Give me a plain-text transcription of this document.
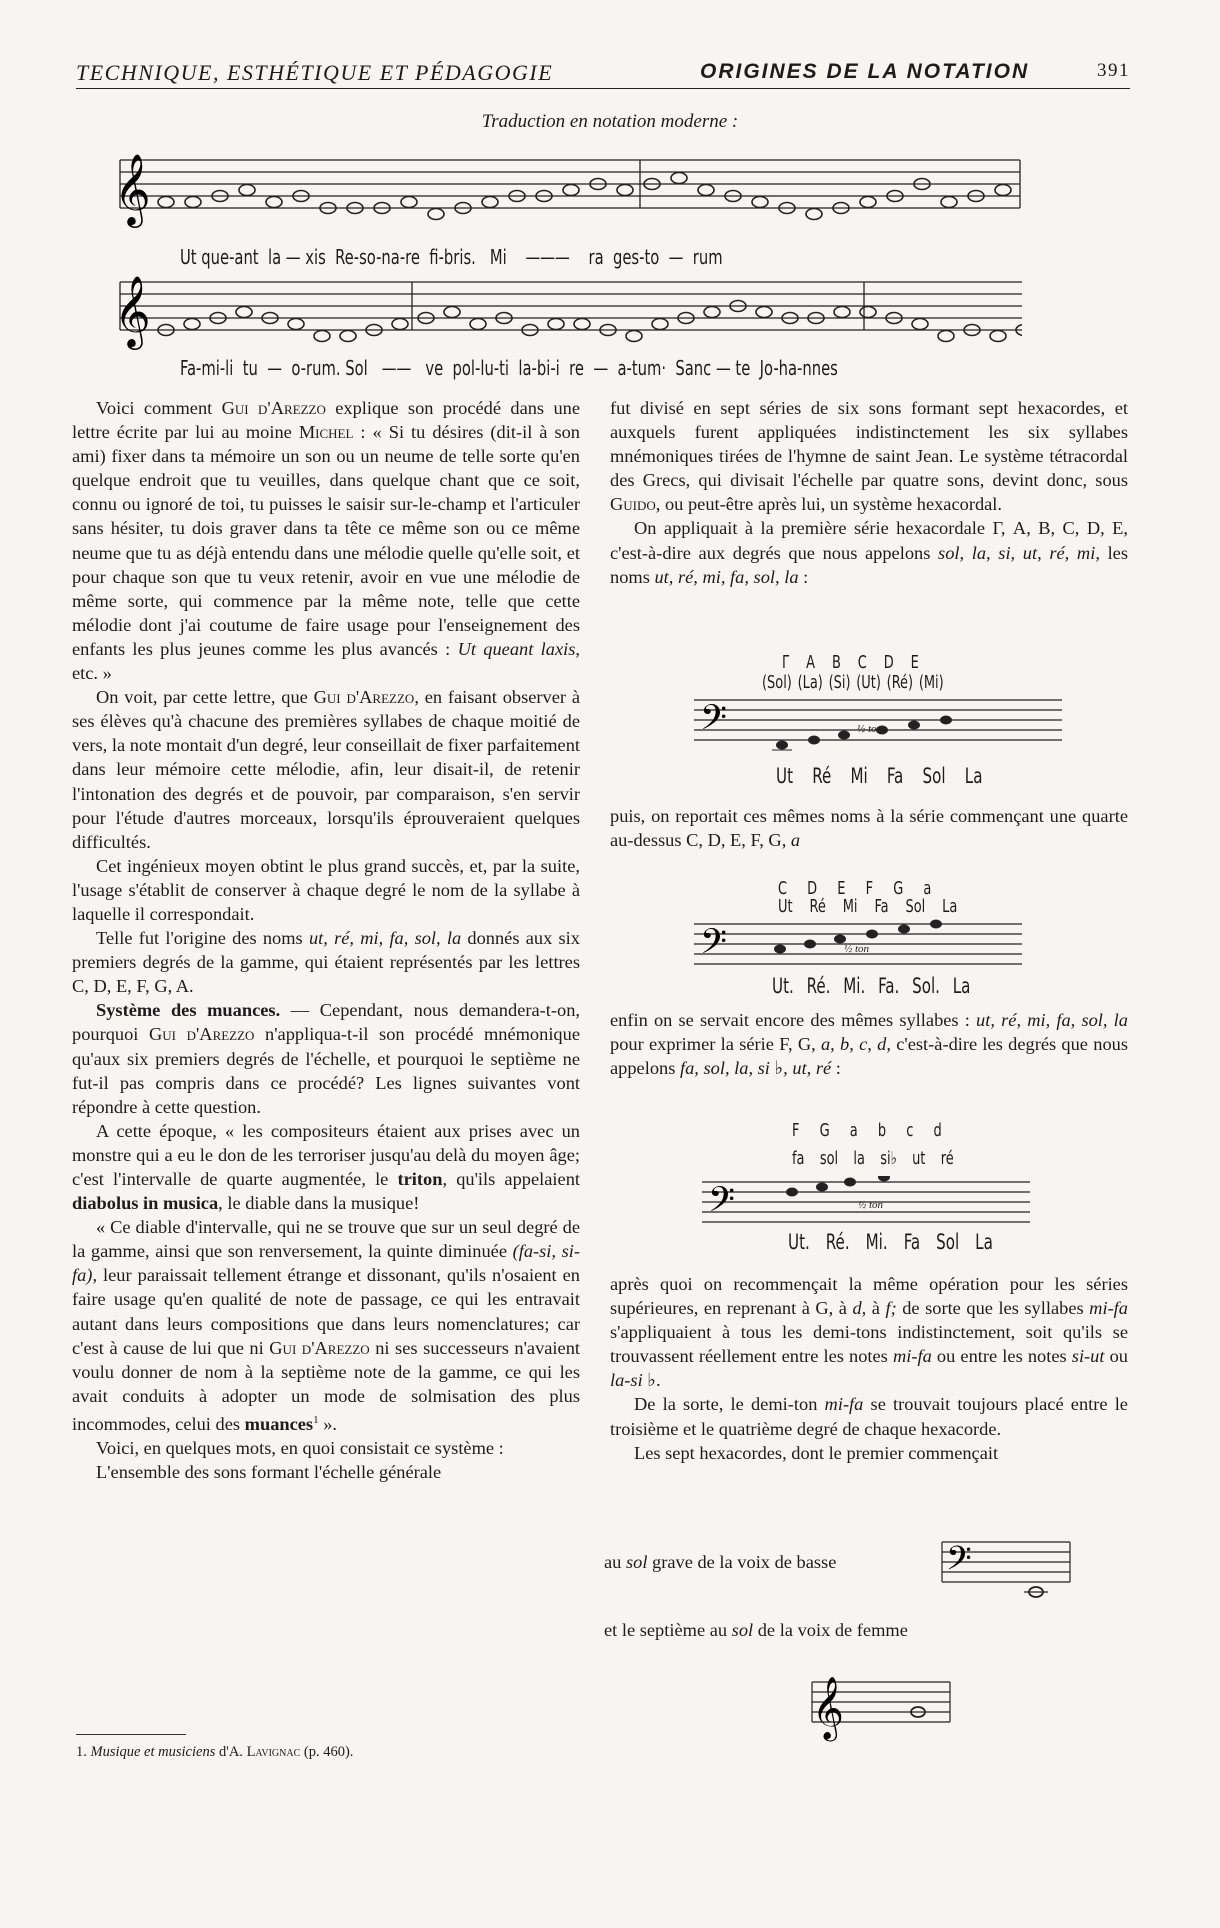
TECHNIQUE, ESTHÉTIQUE ET PÉDAGOGIE	ORIGINES DE LA NOTATION	391
Traduction en notation moderne :
𝄞
Ut que-ant la — xis Re-so-na-re fi-bris. Mi ——— ra ges-to — rum
𝄞
Fa-mi-li tu — o-rum. Sol —— ve pol-lu-ti la-bi-i re — a-tum· Sanc — te Jo-ha-nnes

Voici comment Gui d'Arezzo explique son procédé dans une lettre écrite par lui au moine Michel : « Si tu désires (dit-il à son ami) fixer dans ta mémoire un son ou un neume de telle sorte qu'en quelque endroit que tu veuilles, dans quelque chant que ce soit, connu ou ignoré de toi, tu puisses le saisir sur-le-champ et l'articuler sans hésiter, tu dois graver dans ta tête ce même son ou ce même neume que tu as déjà entendu dans une mélodie quelle qu'elle soit, et pour chaque son que tu veux retenir, avoir en vue une mélodie de même sorte, qui commence par la même note, telle que cette mélodie dont j'ai coutume de faire usage pour l'enseignement des enfants les plus jeunes comme les plus avancés : Ut queant laxis, etc. »

On voit, par cette lettre, que Gui d'Arezzo, en faisant observer à ses élèves qu'à chacune des premières syllabes de chaque moitié de vers, la note montait d'un degré, leur conseillait de fixer parfaitement dans leur mémoire cette mélodie, afin, leur disait-il, de retenir l'intonation des degrés et de pouvoir, par comparaison, s'en servir pour l'étude d'autres morceaux, lorsqu'ils éprouveraient quelques difficultés.

Cet ingénieux moyen obtint le plus grand succès, et, par la suite, l'usage s'établit de conserver à chaque degré le nom de la syllabe à laquelle il correspondait.

Telle fut l'origine des noms ut, ré, mi, fa, sol, la donnés aux six premiers degrés de la gamme, qui étaient représentés par les lettres C, D, E, F, G, A.

Système des muances. — Cependant, nous demandera-t-on, pourquoi Gui d'Arezzo n'appliqua-t-il son procédé mnémonique qu'aux six premiers degrés de l'échelle, et pourquoi le septième ne fut-il pas compris dans ce procédé? Les lignes suivantes vont répondre à cette question.

A cette époque, « les compositeurs étaient aux prises avec un monstre qui a eu le don de les terroriser jusqu'au delà du moyen âge; c'est l'intervalle de quarte augmentée, le triton, qu'ils appelaient diabolus in musica, le diable dans la musique!

« Ce diable d'intervalle, qui ne se trouve que sur un seul degré de la gamme, ainsi que son renversement, la quinte diminuée (fa-si, si-fa), leur paraissait tellement étrange et dissonant, qu'ils n'osaient en faire usage qu'en qualité de note de passage, ce qui les entravait autant dans leurs compositions que dans leurs nomenclatures; car c'est à cause de lui que ni Gui d'Arezzo ni ses successeurs n'avaient voulu donner de nom à la septième note de la gamme, ce qui les avait conduits à adopter un mode de solmisation des plus incommodes, celui des muances$^1$ ».

Voici, en quelques mots, en quoi consistait ce système :

L'ensemble des sons formant l'échelle générale

fut divisé en sept séries de six sons formant sept hexacordes, et auxquels furent appliquées indistinctement les six syllabes mnémoniques tirées de l'hymne de saint Jean. Le système tétracordal des Grecs, qui divisait l'échelle par quatre sons, devint donc, sous Guido, ou peut-être après lui, un système hexacordal.

On appliquait à la première série hexacordale Γ, A, B, C, D, E, c'est-à-dire aux degrés que nous appelons sol, la, si, ut, ré, mi, les noms ut, ré, mi, fa, sol, la :

Γ A B C D E
(Sol) (La) (Si) (Ut) (Ré) (Mi)
𝄢	½ ton
Ut Ré Mi Fa Sol La

puis, on reportait ces mêmes noms à la série commençant une quarte au-dessus C, D, E, F, G, a

C D E F G a
Ut Ré Mi Fa Sol La
𝄢	½ ton
Ut. Ré. Mi. Fa. Sol. La

enfin on se servait encore des mêmes syllabes : ut, ré, mi, fa, sol, la pour exprimer la série F, G, a, b, c, d, c'est-à-dire les degrés que nous appelons fa, sol, la, si ♭, ut, ré :

F G a b c d
fa sol la si♭ ut ré
𝄢	½ ton
Ut. Ré. Mi. Fa Sol La

après quoi on recommençait la même opération pour les séries supérieures, en reprenant à G, à d, à f; de sorte que les syllabes mi-fa s'appliquaient à tous les demi-tons indistinctement, soit qu'ils se trouvassent réellement entre les notes mi-fa ou entre les notes si-ut ou la-si ♭.

De la sorte, le demi-ton mi-fa se trouvait toujours placé entre le troisième et le quatrième degré de chaque hexacorde.

Les sept hexacordes, dont le premier commençait

au sol grave de la voix de basse	𝄢
et le septième au sol de la voix de femme
𝄞
1. Musique et musiciens d'A. Lavignac (p. 460).
